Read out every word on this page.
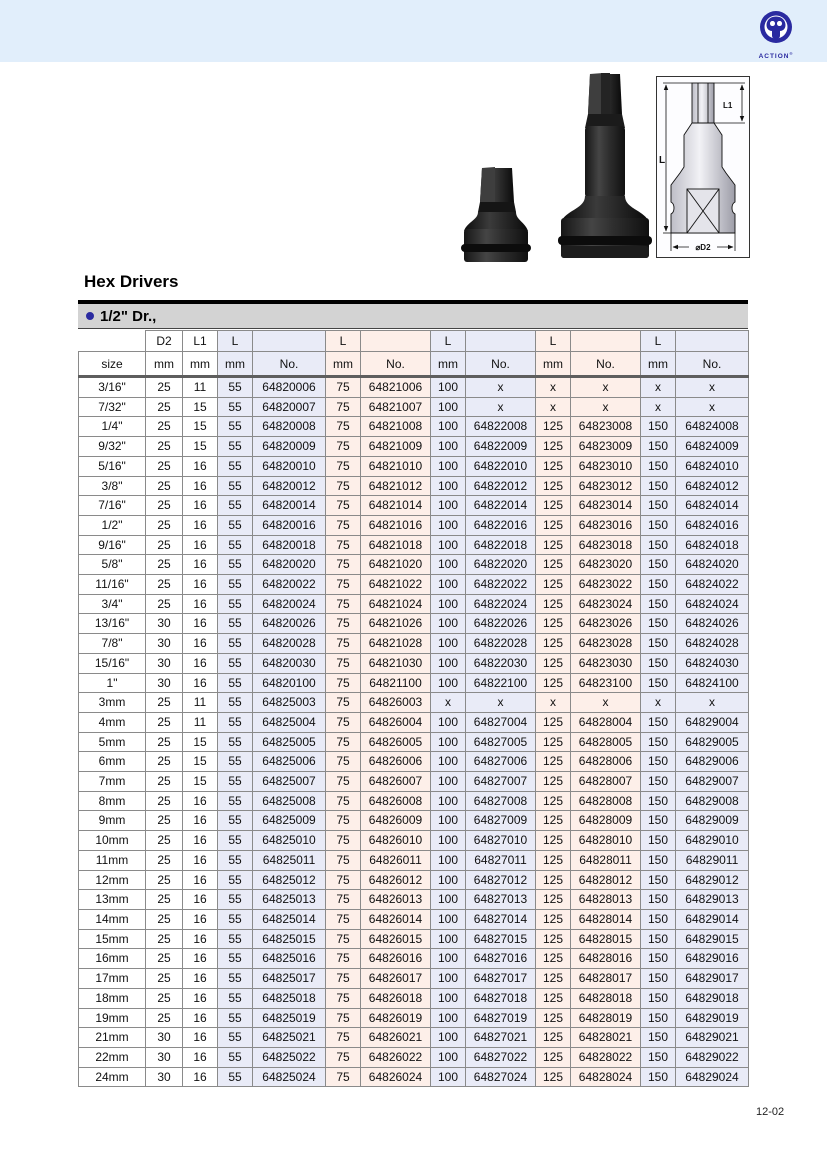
ACTION®
L
L1
⌀D2
Hex Drivers
1/2" Dr.,
	D2	L1	L		L		L		L		L	
size	mm	mm	mm	No.	mm	No.	mm	No.	mm	No.	mm	No.
3/16"	25	11	55	64820006	75	64821006	100	x	x	x	x	x
7/32"	25	15	55	64820007	75	64821007	100	x	x	x	x	x
1/4"	25	15	55	64820008	75	64821008	100	64822008	125	64823008	150	64824008
9/32"	25	15	55	64820009	75	64821009	100	64822009	125	64823009	150	64824009
5/16"	25	16	55	64820010	75	64821010	100	64822010	125	64823010	150	64824010
3/8"	25	16	55	64820012	75	64821012	100	64822012	125	64823012	150	64824012
7/16"	25	16	55	64820014	75	64821014	100	64822014	125	64823014	150	64824014
1/2"	25	16	55	64820016	75	64821016	100	64822016	125	64823016	150	64824016
9/16"	25	16	55	64820018	75	64821018	100	64822018	125	64823018	150	64824018
5/8"	25	16	55	64820020	75	64821020	100	64822020	125	64823020	150	64824020
11/16"	25	16	55	64820022	75	64821022	100	64822022	125	64823022	150	64824022
3/4"	25	16	55	64820024	75	64821024	100	64822024	125	64823024	150	64824024
13/16"	30	16	55	64820026	75	64821026	100	64822026	125	64823026	150	64824026
7/8"	30	16	55	64820028	75	64821028	100	64822028	125	64823028	150	64824028
15/16"	30	16	55	64820030	75	64821030	100	64822030	125	64823030	150	64824030
1"	30	16	55	64820100	75	64821100	100	64822100	125	64823100	150	64824100
3mm	25	11	55	64825003	75	64826003	x	x	x	x	x	x
4mm	25	11	55	64825004	75	64826004	100	64827004	125	64828004	150	64829004
5mm	25	15	55	64825005	75	64826005	100	64827005	125	64828005	150	64829005
6mm	25	15	55	64825006	75	64826006	100	64827006	125	64828006	150	64829006
7mm	25	15	55	64825007	75	64826007	100	64827007	125	64828007	150	64829007
8mm	25	16	55	64825008	75	64826008	100	64827008	125	64828008	150	64829008
9mm	25	16	55	64825009	75	64826009	100	64827009	125	64828009	150	64829009
10mm	25	16	55	64825010	75	64826010	100	64827010	125	64828010	150	64829010
11mm	25	16	55	64825011	75	64826011	100	64827011	125	64828011	150	64829011
12mm	25	16	55	64825012	75	64826012	100	64827012	125	64828012	150	64829012
13mm	25	16	55	64825013	75	64826013	100	64827013	125	64828013	150	64829013
14mm	25	16	55	64825014	75	64826014	100	64827014	125	64828014	150	64829014
15mm	25	16	55	64825015	75	64826015	100	64827015	125	64828015	150	64829015
16mm	25	16	55	64825016	75	64826016	100	64827016	125	64828016	150	64829016
17mm	25	16	55	64825017	75	64826017	100	64827017	125	64828017	150	64829017
18mm	25	16	55	64825018	75	64826018	100	64827018	125	64828018	150	64829018
19mm	25	16	55	64825019	75	64826019	100	64827019	125	64828019	150	64829019
21mm	30	16	55	64825021	75	64826021	100	64827021	125	64828021	150	64829021
22mm	30	16	55	64825022	75	64826022	100	64827022	125	64828022	150	64829022
24mm	30	16	55	64825024	75	64826024	100	64827024	125	64828024	150	64829024
12-02
